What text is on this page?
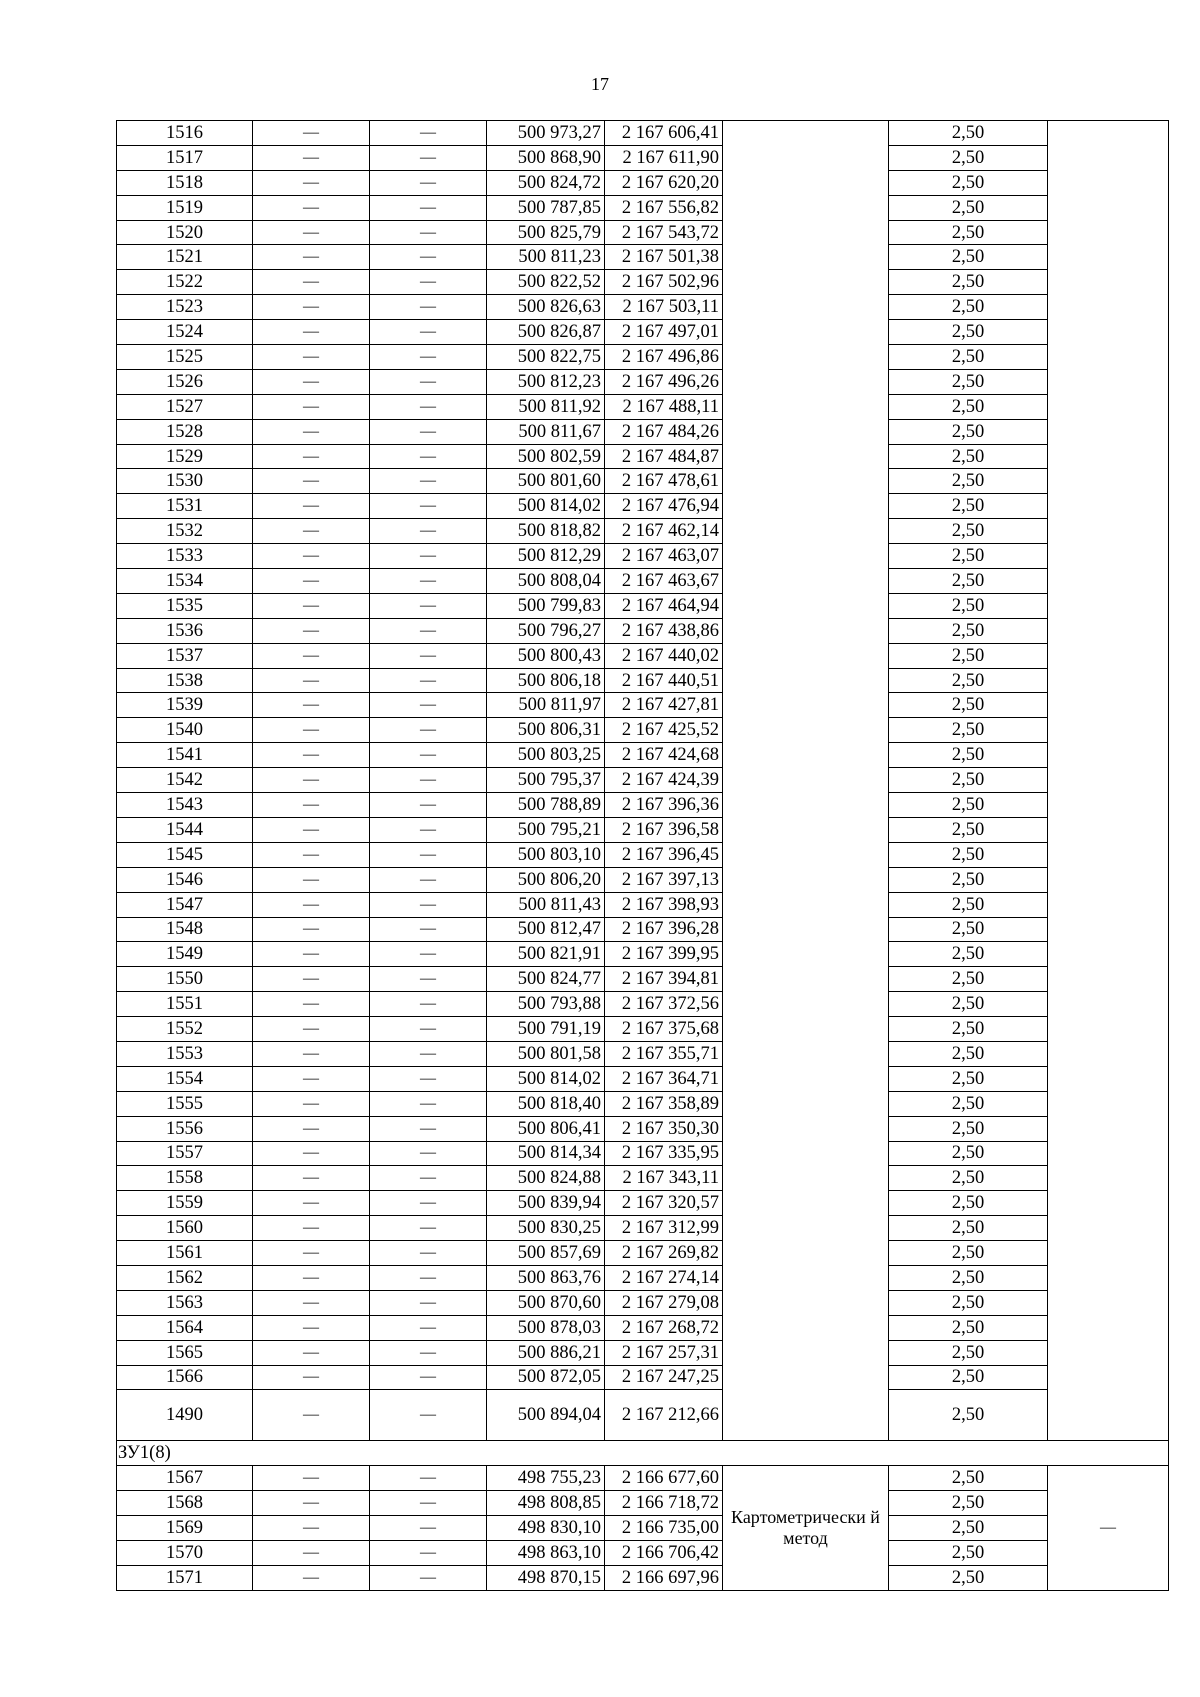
17
1516	—	—	500 973,27	2 167 606,41		2,50	
1517	—	—	500 868,90	2 167 611,90		2,50	
1518	—	—	500 824,72	2 167 620,20		2,50	
1519	—	—	500 787,85	2 167 556,82		2,50	
1520	—	—	500 825,79	2 167 543,72		2,50	
1521	—	—	500 811,23	2 167 501,38		2,50	
1522	—	—	500 822,52	2 167 502,96		2,50	
1523	—	—	500 826,63	2 167 503,11		2,50	
1524	—	—	500 826,87	2 167 497,01		2,50	
1525	—	—	500 822,75	2 167 496,86		2,50	
1526	—	—	500 812,23	2 167 496,26		2,50	
1527	—	—	500 811,92	2 167 488,11		2,50	
1528	—	—	500 811,67	2 167 484,26		2,50	
1529	—	—	500 802,59	2 167 484,87		2,50	
1530	—	—	500 801,60	2 167 478,61		2,50	
1531	—	—	500 814,02	2 167 476,94		2,50	
1532	—	—	500 818,82	2 167 462,14		2,50	
1533	—	—	500 812,29	2 167 463,07		2,50	
1534	—	—	500 808,04	2 167 463,67		2,50	
1535	—	—	500 799,83	2 167 464,94		2,50	
1536	—	—	500 796,27	2 167 438,86		2,50	
1537	—	—	500 800,43	2 167 440,02		2,50	
1538	—	—	500 806,18	2 167 440,51		2,50	
1539	—	—	500 811,97	2 167 427,81		2,50	
1540	—	—	500 806,31	2 167 425,52		2,50	
1541	—	—	500 803,25	2 167 424,68		2,50	
1542	—	—	500 795,37	2 167 424,39		2,50	
1543	—	—	500 788,89	2 167 396,36		2,50	
1544	—	—	500 795,21	2 167 396,58		2,50	
1545	—	—	500 803,10	2 167 396,45		2,50	
1546	—	—	500 806,20	2 167 397,13		2,50	
1547	—	—	500 811,43	2 167 398,93		2,50	
1548	—	—	500 812,47	2 167 396,28		2,50	
1549	—	—	500 821,91	2 167 399,95		2,50	
1550	—	—	500 824,77	2 167 394,81		2,50	
1551	—	—	500 793,88	2 167 372,56		2,50	
1552	—	—	500 791,19	2 167 375,68		2,50	
1553	—	—	500 801,58	2 167 355,71		2,50	
1554	—	—	500 814,02	2 167 364,71		2,50	
1555	—	—	500 818,40	2 167 358,89		2,50	
1556	—	—	500 806,41	2 167 350,30		2,50	
1557	—	—	500 814,34	2 167 335,95		2,50	
1558	—	—	500 824,88	2 167 343,11		2,50	
1559	—	—	500 839,94	2 167 320,57		2,50	
1560	—	—	500 830,25	2 167 312,99		2,50	
1561	—	—	500 857,69	2 167 269,82		2,50	
1562	—	—	500 863,76	2 167 274,14		2,50	
1563	—	—	500 870,60	2 167 279,08		2,50	
1564	—	—	500 878,03	2 167 268,72		2,50	
1565	—	—	500 886,21	2 167 257,31		2,50	
1566	—	—	500 872,05	2 167 247,25		2,50	
1490	—	—	500 894,04	2 167 212,66		2,50	
ЗУ1(8)							
1567	—	—	498 755,23	2 166 677,60	Картометрически й метод	2,50	—
1568	—	—	498 808,85	2 166 718,72		2,50	
1569	—	—	498 830,10	2 166 735,00		2,50	
1570	—	—	498 863,10	2 166 706,42		2,50	
1571	—	—	498 870,15	2 166 697,96		2,50	
